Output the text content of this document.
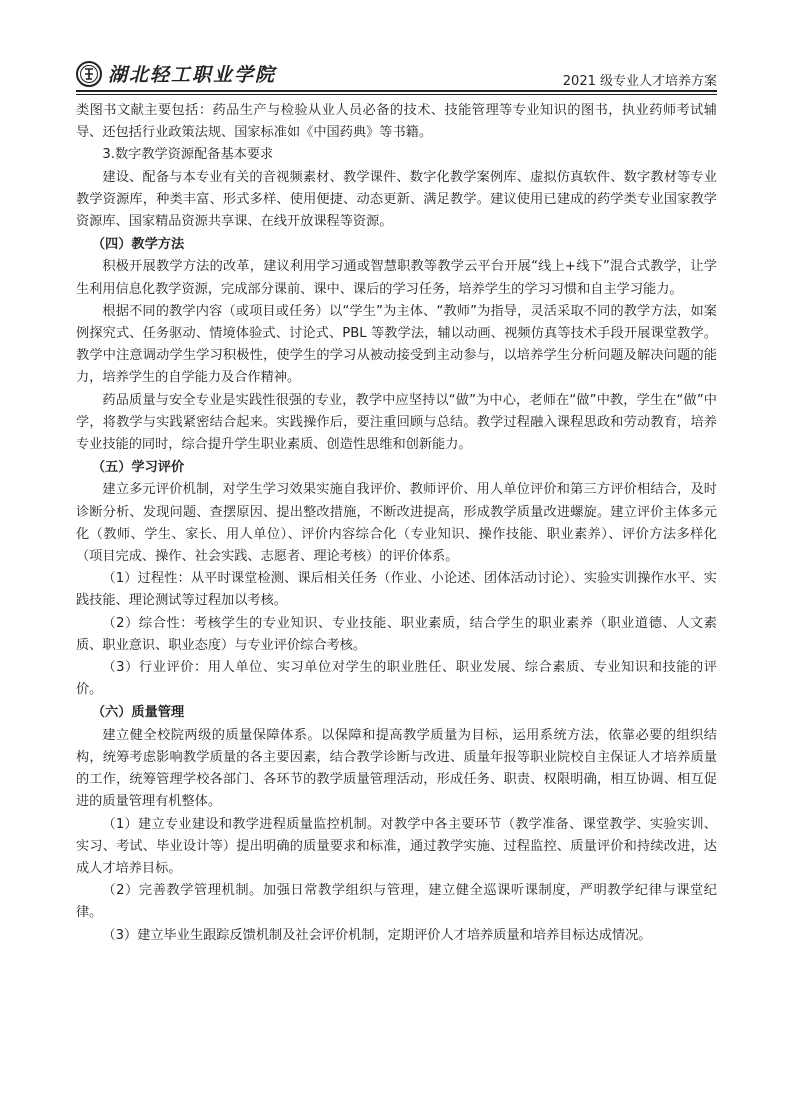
湖北轻工职业学院	2021 级专业人才培养方案

类图书文献主要包括：药品生产与检验从业人员必备的技术、技能管理等专业知识的图书，执业药师考试辅导、还包括行业政策法规、国家标准如《中国药典》等书籍。

3.数字教学资源配备基本要求

建设、配备与本专业有关的音视频素材、教学课件、数字化教学案例库、虚拟仿真软件、数字教材等专业教学资源库，种类丰富、形式多样、使用便捷、动态更新、满足教学。建议使用已建成的药学类专业国家教学资源库、国家精品资源共享课、在线开放课程等资源。

（四）教学方法

积极开展教学方法的改革，建议利用学习通或智慧职教等教学云平台开展“线上+线下”混合式教学，让学生利用信息化教学资源，完成部分课前、课中、课后的学习任务，培养学生的学习习惯和自主学习能力。

根据不同的教学内容（或项目或任务）以“学生”为主体、“教师”为指导，灵活采取不同的教学方法，如案例探究式、任务驱动、情境体验式、讨论式、PBL 等教学法，辅以动画、视频仿真等技术手段开展课堂教学。教学中注意调动学生学习积极性，使学生的学习从被动接受到主动参与，以培养学生分析问题及解决问题的能力，培养学生的自学能力及合作精神。

药品质量与安全专业是实践性很强的专业，教学中应坚持以“做”为中心，老师在“做”中教，学生在“做”中学，将教学与实践紧密结合起来。实践操作后，要注重回顾与总结。教学过程融入课程思政和劳动教育，培养专业技能的同时，综合提升学生职业素质、创造性思维和创新能力。

（五）学习评价

建立多元评价机制，对学生学习效果实施自我评价、教师评价、用人单位评价和第三方评价相结合，及时诊断分析、发现问题、查摆原因、提出整改措施，不断改进提高，形成教学质量改进螺旋。建立评价主体多元化（教师、学生、家长、用人单位）、评价内容综合化（专业知识、操作技能、职业素养）、评价方法多样化（项目完成、操作、社会实践、志愿者、理论考核）的评价体系。

（1）过程性：从平时课堂检测、课后相关任务（作业、小论述、团体活动讨论）、实验实训操作水平、实践技能、理论测试等过程加以考核。

（2）综合性：考核学生的专业知识、专业技能、职业素质，结合学生的职业素养（职业道德、人文素质、职业意识、职业态度）与专业评价综合考核。

（3）行业评价：用人单位、实习单位对学生的职业胜任、职业发展、综合素质、专业知识和技能的评价。

（六）质量管理

建立健全校院两级的质量保障体系。以保障和提高教学质量为目标，运用系统方法，依靠必要的组织结构，统筹考虑影响教学质量的各主要因素，结合教学诊断与改进、质量年报等职业院校自主保证人才培养质量的工作，统筹管理学校各部门、各环节的教学质量管理活动，形成任务、职责、权限明确，相互协调、相互促进的质量管理有机整体。

（1）建立专业建设和教学进程质量监控机制。对教学中各主要环节（教学准备、课堂教学、实验实训、实习、考试、毕业设计等）提出明确的质量要求和标准，通过教学实施、过程监控、质量评价和持续改进，达成人才培养目标。

（2）完善教学管理机制。加强日常教学组织与管理，建立健全巡课听课制度，严明教学纪律与课堂纪律。

（3）建立毕业生跟踪反馈机制及社会评价机制，定期评价人才培养质量和培养目标达成情况。
